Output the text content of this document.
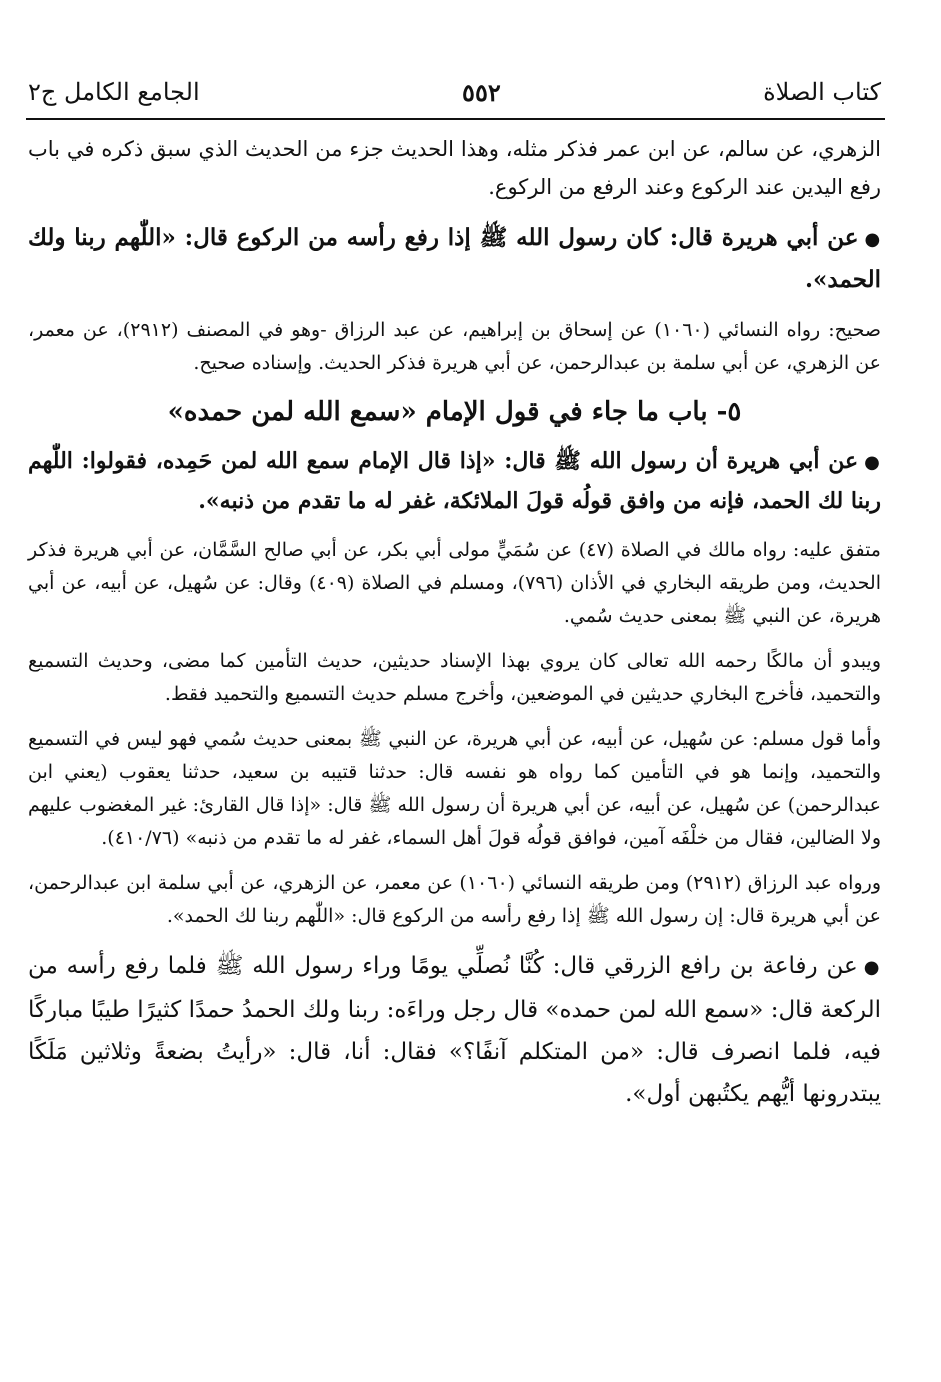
كتاب الصلاة
٥٥٢
الجامع الكامل ج٢

الزهري، عن سالم، عن ابن عمر فذكر مثله، وهذا الحديث جزء من الحديث الذي سبق ذكره في باب رفع اليدين عند الركوع وعند الرفع من الركوع.

●عن أبي هريرة قال: كان رسول الله ﷺ إذا رفع رأسه من الركوع قال: «اللّٰهم ربنا ولك الحمد».

صحيح: رواه النسائي (١٠٦٠) عن إسحاق بن إبراهيم، عن عبد الرزاق -وهو في المصنف (٢٩١٢)، عن معمر، عن الزهري، عن أبي سلمة بن عبدالرحمن، عن أبي هريرة فذكر الحديث. وإسناده صحيح.

٥- باب ما جاء في قول الإمام «سمع الله لمن حمده»

●عن أبي هريرة أن رسول الله ﷺ قال: «إذا قال الإمام سمع الله لمن حَمِده، فقولوا: اللّٰهم ربنا لك الحمد، فإنه من وافق قولُه قولَ الملائكة، غفر له ما تقدم من ذنبه».

متفق عليه: رواه مالك في الصلاة (٤٧) عن سُمَيٍّ مولى أبي بكر، عن أبي صالح السَّمَّان، عن أبي هريرة فذكر الحديث، ومن طريقه البخاري في الأذان (٧٩٦)، ومسلم في الصلاة (٤٠٩) وقال: عن سُهيل، عن أبيه، عن أبي هريرة، عن النبي ﷺ بمعنى حديث سُمي.

ويبدو أن مالكًا رحمه الله تعالى كان يروي بهذا الإسناد حديثين، حديث التأمين كما مضى، وحديث التسميع والتحميد، فأخرج البخاري حديثين في الموضعين، وأخرج مسلم حديث التسميع والتحميد فقط.

وأما قول مسلم: عن سُهيل، عن أبيه، عن أبي هريرة، عن النبي ﷺ بمعنى حديث سُمي فهو ليس في التسميع والتحميد، وإنما هو في التأمين كما رواه هو نفسه قال: حدثنا قتيبه بن سعيد، حدثنا يعقوب (يعني ابن عبدالرحمن) عن سُهيل، عن أبيه، عن أبي هريرة أن رسول الله ﷺ قال: «إذا قال القارئ: غير المغضوب عليهم ولا الضالين، فقال من خلْفَه آمين، فوافق قولُه قولَ أهل السماء، غفر له ما تقدم من ذنبه» (٤١٠/٧٦).

ورواه عبد الرزاق (٢٩١٢) ومن طريقه النسائي (١٠٦٠) عن معمر، عن الزهري، عن أبي سلمة ابن عبدالرحمن، عن أبي هريرة قال: إن رسول الله ﷺ إذا رفع رأسه من الركوع قال: «اللّٰهم ربنا لك الحمد».

●عن رفاعة بن رافع الزرقي قال: كُنَّا نُصلِّي يومًا وراء رسول الله ﷺ فلما رفع رأسه من الركعة قال: «سمع الله لمن حمده» قال رجل وراءَه: ربنا ولك الحمدُ حمدًا كثيرًا طيبًا مباركًا فيه، فلما انصرف قال: «من المتكلم آنفًا؟» فقال: أنا، قال: «رأيتُ بضعةً وثلاثين مَلَكًا يبتدرونها أيُّهم يكتُبهن أول».
